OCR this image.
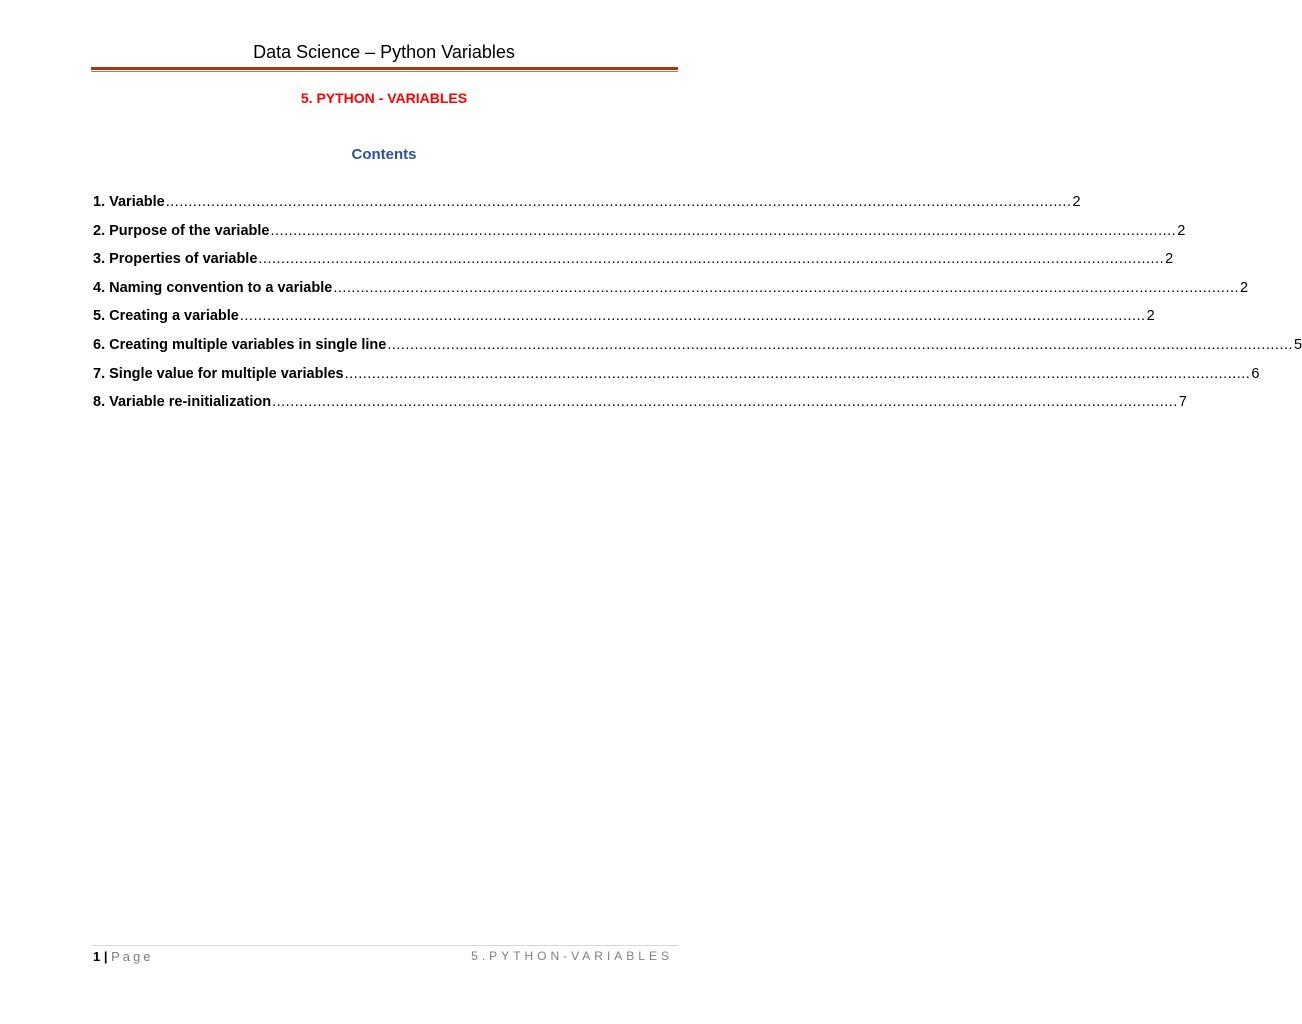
Data Science – Python Variables
5. PYTHON - VARIABLES
Contents
1. Variable ........................................................................................................................................................................................................ 2
2. Purpose of the variable ........................................................................................................................................................................................................ 2
3. Properties of variable ........................................................................................................................................................................................................ 2
4. Naming convention to a variable ........................................................................................................................................................................................................ 2
5. Creating a variable ........................................................................................................................................................................................................ 2
6. Creating multiple variables in single line ........................................................................................................................................................................................................ 5
7. Single value for multiple variables ........................................................................................................................................................................................................ 6
8. Variable re-initialization ........................................................................................................................................................................................................ 7
1 | Page	5.PYTHON-VARIABLES
